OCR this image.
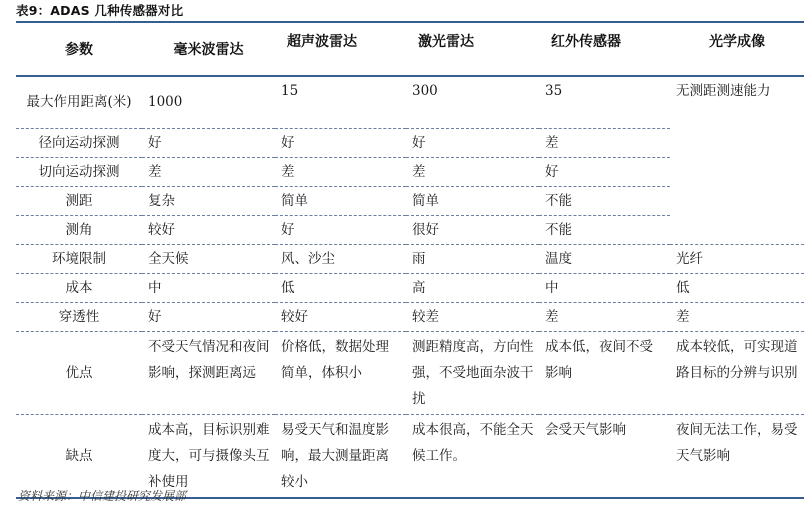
表9：ADAS 几种传感器对比
参数	毫米波雷达	超声波雷达	激光雷达	红外传感器	光学成像
最大作用距离(米)	1000	15	300	35	无测距测速能力
径向运动探测	好	好	好	差	
切向运动探测	差	差	差	好	
测距	复杂	简单	简单	不能	
测角	较好	好	很好	不能	
环境限制	全天候	风、沙尘	雨	温度	光纤
成本	中	低	高	中	低
穿透性	好	较好	较差	差	差
优点	不受天气情况和夜间影响，探测距离远	价格低，数据处理简单，体积小	测距精度高，方向性强，不受地面杂波干扰	成本低，夜间不受影响	成本较低，可实现道路目标的分辨与识别
缺点	成本高，目标识别难度大，可与摄像头互补使用	易受天气和温度影响，最大测量距离较小	成本很高，不能全天候工作。	会受天气影响	夜间无法工作，易受天气影响
资料来源：中信建投研究发展部
